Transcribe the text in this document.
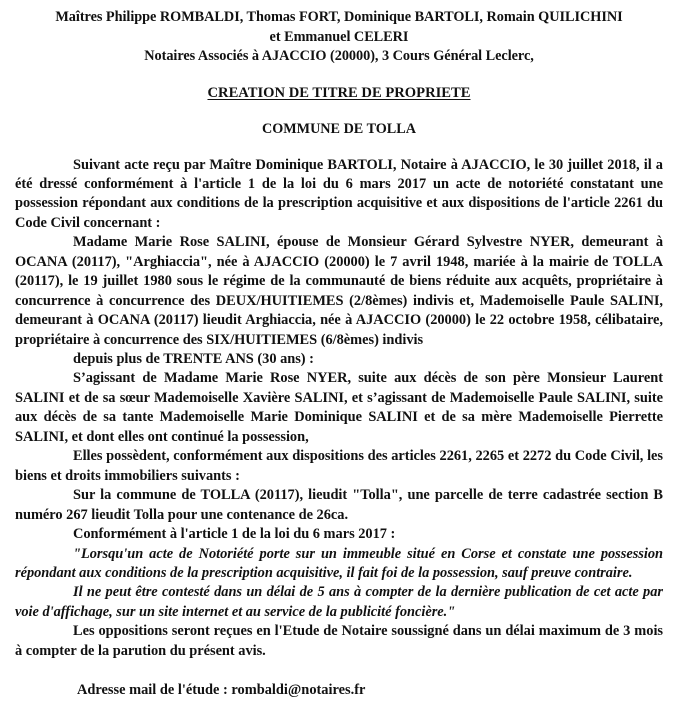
Maîtres Philippe ROMBALDI, Thomas FORT, Dominique BARTOLI, Romain QUILICHINI
et Emmanuel CELERI
Notaires Associés à AJACCIO (20000), 3 Cours Général Leclerc,
CREATION DE TITRE DE PROPRIETE
COMMUNE DE TOLLA

Suivant acte reçu par Maître Dominique BARTOLI, Notaire à AJACCIO, le 30 juillet 2018, il a été dressé conformément à l'article 1 de la loi du 6 mars 2017 un acte de notoriété constatant une possession répondant aux conditions de la prescription acquisitive et aux dispositions de l'article 2261 du Code Civil concernant :

Madame Marie Rose SALINI, épouse de Monsieur Gérard Sylvestre NYER, demeurant à OCANA (20117), "Arghiaccia", née à AJACCIO (20000) le 7 avril 1948, mariée à la mairie de TOLLA (20117), le 19 juillet 1980 sous le régime de la communauté de biens réduite aux acquêts, propriétaire à concurrence à concurrence des DEUX/HUITIEMES (2/8èmes) indivis et, Mademoiselle Paule SALINI, demeurant à OCANA (20117) lieudit Arghiaccia, née à AJACCIO (20000) le 22 octobre 1958, célibataire, propriétaire à concurrence des SIX/HUITIEMES (6/8èmes) indivis

depuis plus de TRENTE ANS (30 ans) :

S’agissant de Madame Marie Rose NYER, suite aux décès de son père Monsieur Laurent SALINI et de sa sœur Mademoiselle Xavière SALINI, et s’agissant de Mademoiselle Paule SALINI, suite aux décès de sa tante Mademoiselle Marie Dominique SALINI et de sa mère Mademoiselle Pierrette SALINI, et dont elles ont continué la possession,

Elles possèdent, conformément aux dispositions des articles 2261, 2265 et 2272 du Code Civil, les biens et droits immobiliers suivants :

Sur la commune de TOLLA (20117), lieudit "Tolla", une parcelle de terre cadastrée section B numéro 267 lieudit Tolla pour une contenance de 26ca.

Conformément à l'article 1 de la loi du 6 mars 2017 :

"Lorsqu'un acte de Notoriété porte sur un immeuble situé en Corse et constate une possession répondant aux conditions de la prescription acquisitive, il fait foi de la possession, sauf preuve contraire.

Il ne peut être contesté dans un délai de 5 ans à compter de la dernière publication de cet acte par voie d'affichage, sur un site internet et au service de la publicité foncière."

Les oppositions seront reçues en l'Etude de Notaire soussigné dans un délai maximum de 3 mois à compter de la parution du présent avis.

Adresse mail de l'étude : rombaldi@notaires.fr
